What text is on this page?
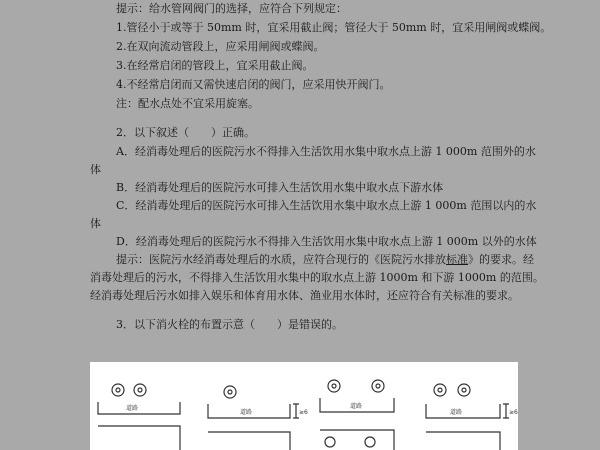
提示：给水管网阀门的选择，应符合下列规定：
1.管径小于或等于 50mm 时，宜采用截止阀；管径大于 50mm 时，宜采用闸阀或蝶阀。
2.在双向流动管段上，应采用闸阀或蝶阀。
3.在经常启闭的管段上，宜采用截止阀。
4.不经常启闭而又需快速启闭的阀门，应采用快开阀门。
注：配水点处不宜采用旋塞。
2．以下叙述（　　）正确。
A．经消毒处理后的医院污水不得排入生活饮用水集中取水点上游 1 000m 范围外的水
体
B．经消毒处理后的医院污水可排入生活饮用水集中取水点下游水体
C．经消毒处理后的医院污水可排入生活饮用水集中取水点上游 1 000m 范围以内的水
体
D．经消毒处理后的医院污水不得排入生活饮用水集中取水点上游 1 000m 以外的水体
提示：医院污水经消毒处理后的水质，应符合现行的《医院污水排放标准》的要求。经
消毒处理后的污水，不得排入生活饮用水集中的取水点上游 1000m 和下游 1000m 的范围。
经消毒处理后污水如排入娱乐和体育用水体、渔业用水体时，还应符合有关标准的要求。
3．以下消火栓的布置示意（　　）是错误的。
道路
道路
道路
道路
≥6	≥6
